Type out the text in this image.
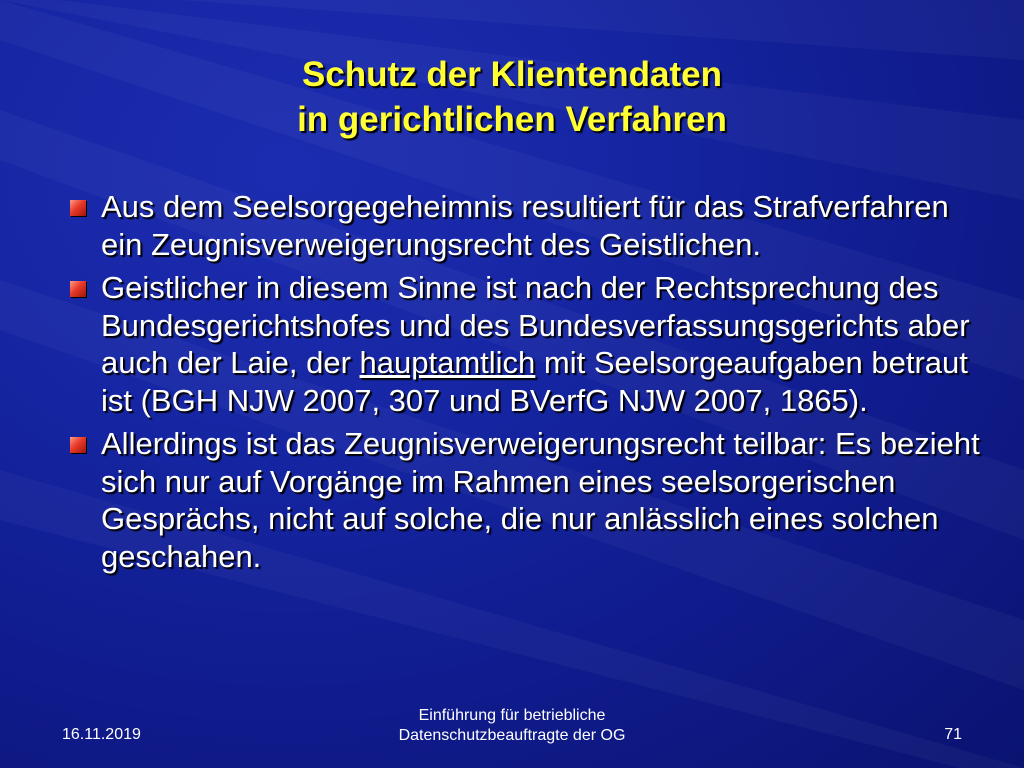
Schutz der Klientendaten
in gerichtlichen Verfahren
Aus dem Seelsorgegeheimnis resultiert für das Strafverfahren ein Zeugnisverweigerungsrecht des Geistlichen.
Geistlicher in diesem Sinne ist nach der Rechtsprechung des Bundesgerichtshofes und des Bundesverfassungsgerichts aber auch der Laie, der hauptamtlich mit Seelsorgeaufgaben betraut ist (BGH NJW 2007, 307 und BVerfG NJW 2007, 1865).
Allerdings ist das Zeugnisverweigerungsrecht teilbar: Es bezieht sich nur auf Vorgänge im Rahmen eines seelsorgerischen Gesprächs, nicht auf solche, die nur anlässlich eines solchen geschahen.
16.11.2019
Einführung für betriebliche
Datenschutzbeauftragte der OG	71
